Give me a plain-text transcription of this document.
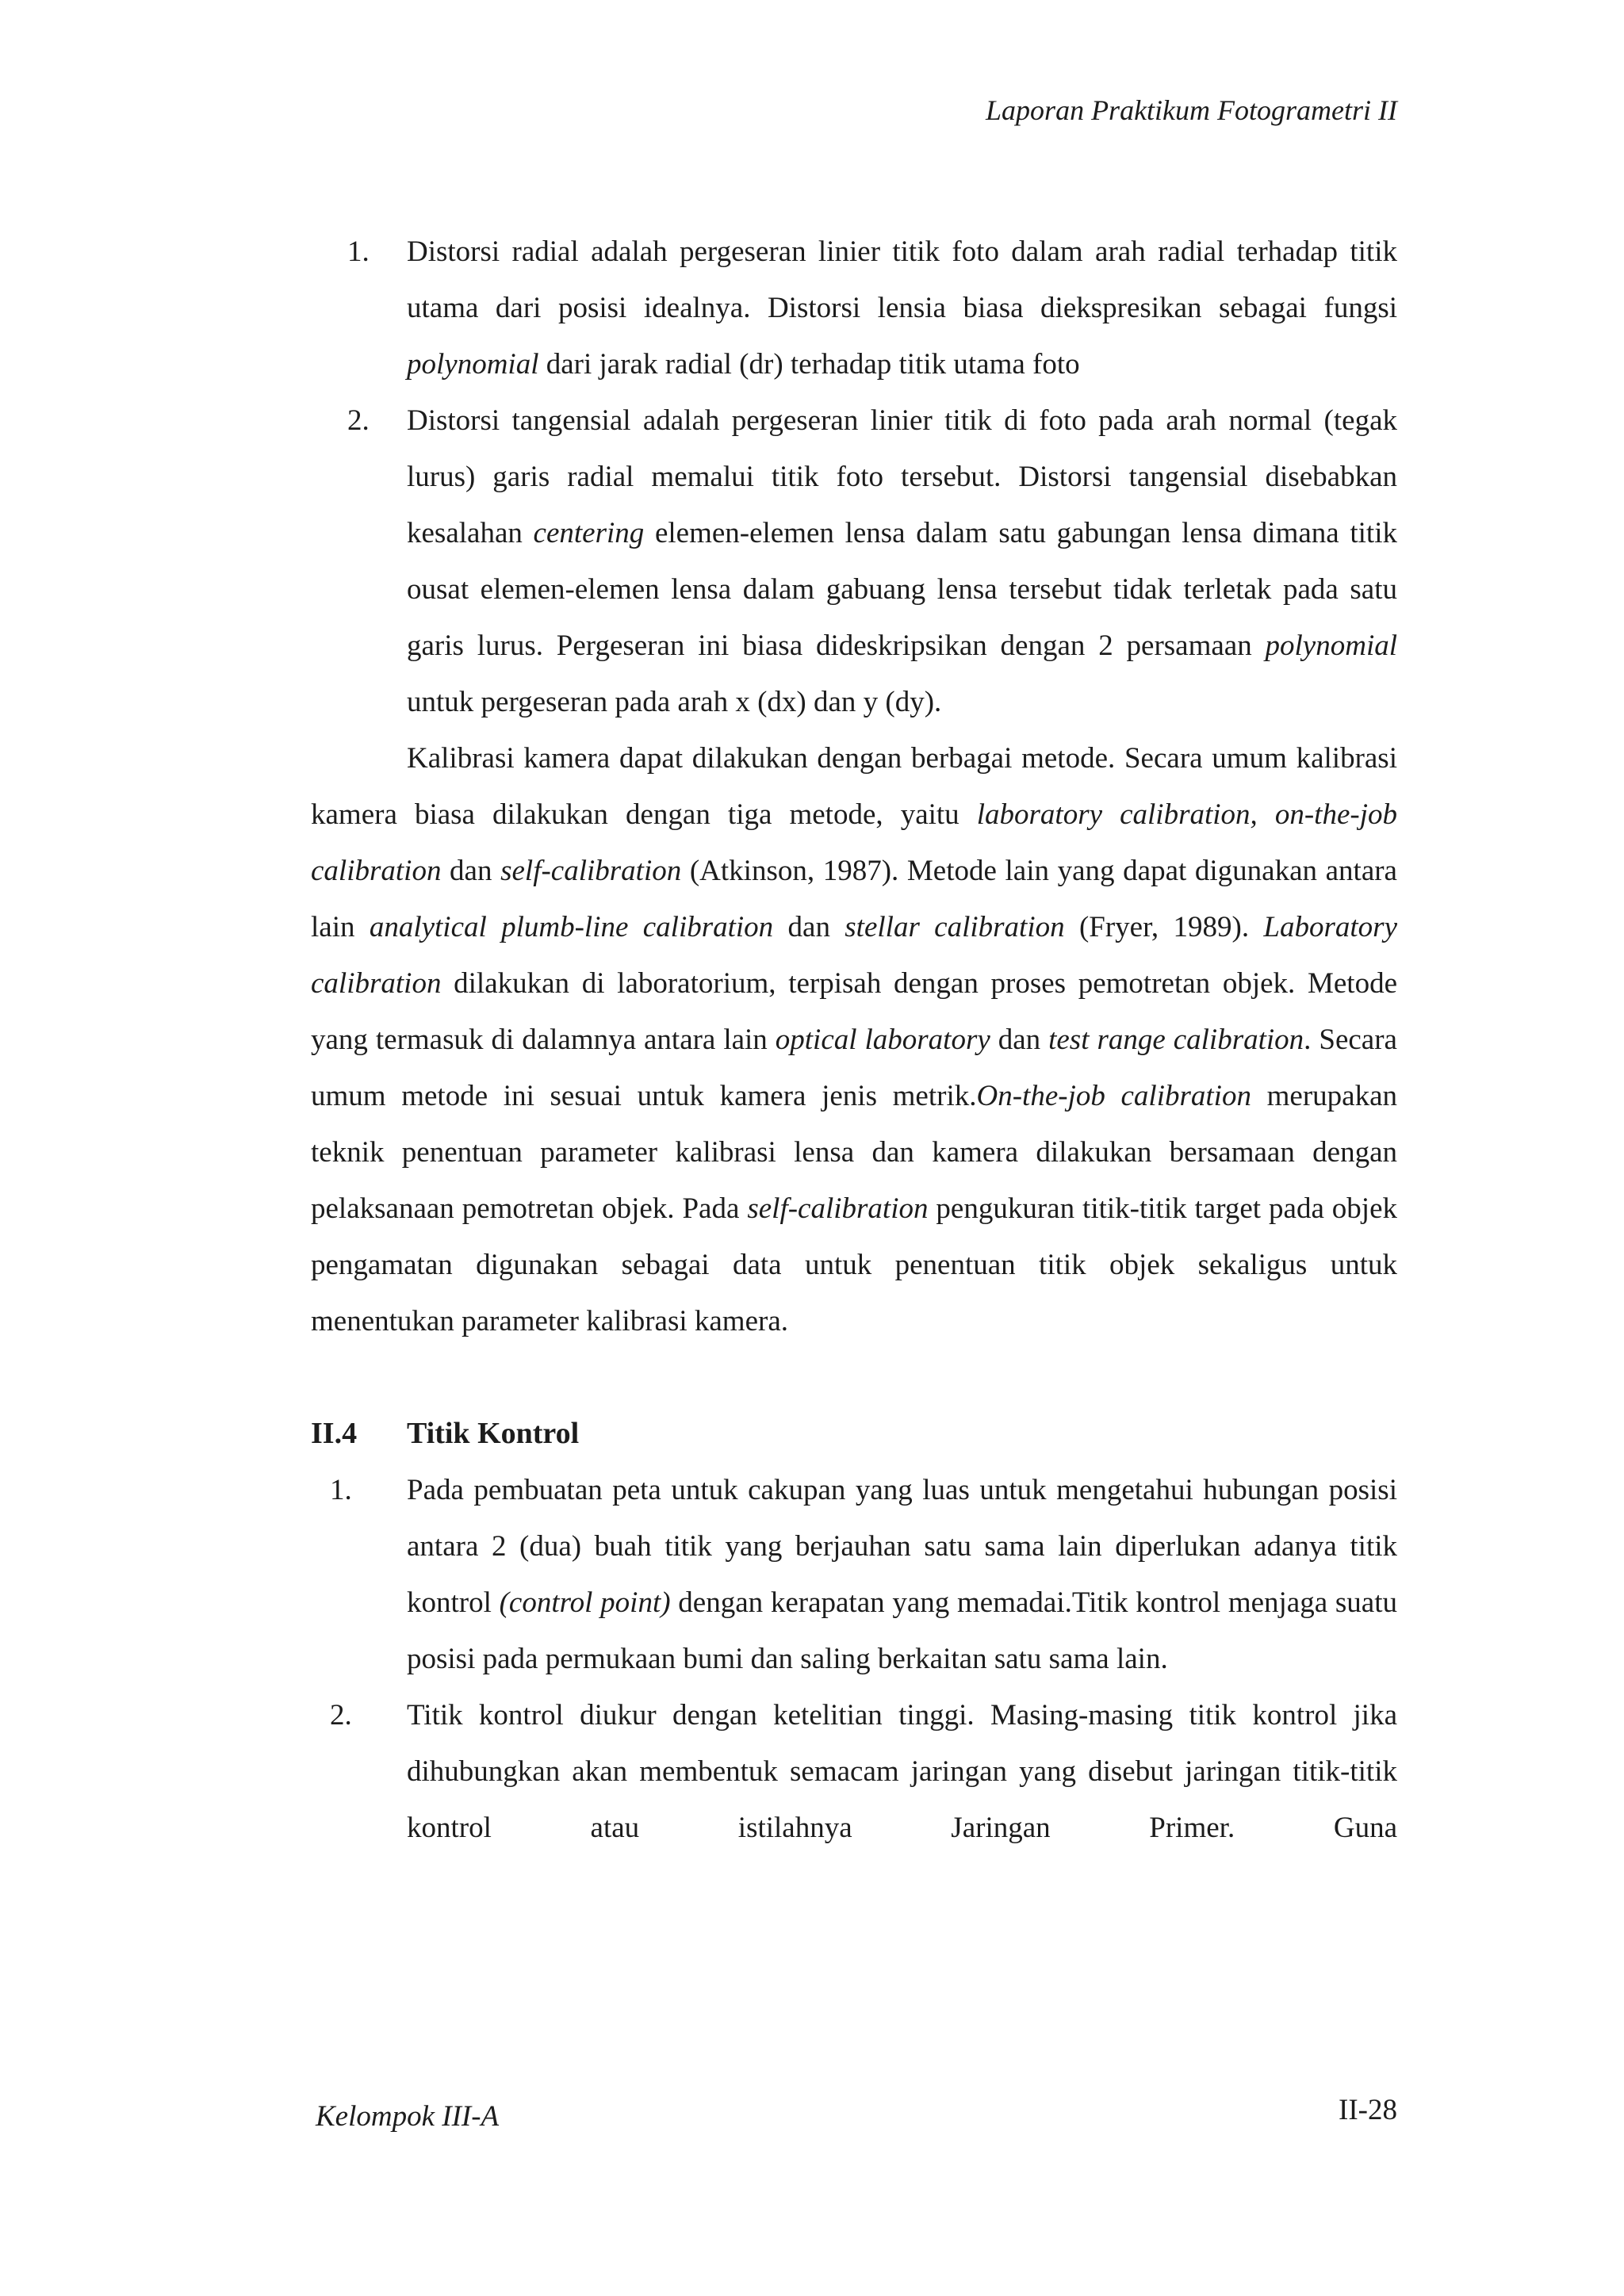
Laporan Praktikum Fotogrametri II
1.	Distorsi radial adalah pergeseran linier titik foto dalam arah radial terhadap titik utama dari posisi idealnya. Distorsi lensia biasa diekspresikan sebagai fungsi polynomial dari jarak radial (dr) terhadap titik utama foto
2.	Distorsi tangensial adalah pergeseran linier titik di foto pada arah normal (tegak lurus) garis radial memalui titik foto tersebut. Distorsi tangensial disebabkan kesalahan centering elemen-elemen lensa dalam satu gabungan lensa dimana titik ousat elemen-elemen lensa dalam gabuang lensa tersebut tidak terletak pada satu garis lurus. Pergeseran ini biasa dideskripsikan dengan 2 persamaan polynomial untuk pergeseran pada arah x (dx) dan y (dy).

Kalibrasi kamera dapat dilakukan dengan berbagai metode. Secara umum kalibrasi kamera biasa dilakukan dengan tiga metode, yaitu laboratory calibration, on-the-job calibration dan self-calibration (Atkinson, 1987). Metode lain yang dapat digunakan antara lain analytical plumb-line calibration dan stellar calibration (Fryer, 1989). Laboratory calibration dilakukan di laboratorium, terpisah dengan proses pemotretan objek. Metode yang termasuk di dalamnya antara lain optical laboratory dan test range calibration. Secara umum metode ini sesuai untuk kamera jenis metrik.On-the-job calibration merupakan teknik penentuan parameter kalibrasi lensa dan kamera dilakukan bersamaan dengan pelaksanaan pemotretan objek. Pada self-calibration pengukuran titik-titik target pada objek pengamatan digunakan sebagai data untuk penentuan titik objek sekaligus untuk menentukan parameter kalibrasi kamera.

II.4 Titik Kontrol
1.	Pada pembuatan peta untuk cakupan yang luas untuk mengetahui hubungan posisi antara 2 (dua) buah titik yang berjauhan satu sama lain diperlukan adanya titik kontrol (control point) dengan kerapatan yang memadai.Titik kontrol menjaga suatu posisi pada permukaan bumi dan saling berkaitan satu sama lain.
2.	Titik kontrol diukur dengan ketelitian tinggi. Masing-masing titik kontrol jika dihubungkan akan membentuk semacam jaringan yang disebut jaringan titik-titik kontrol atau istilahnya Jaringan Primer. Guna
Kelompok III-A	II-28
